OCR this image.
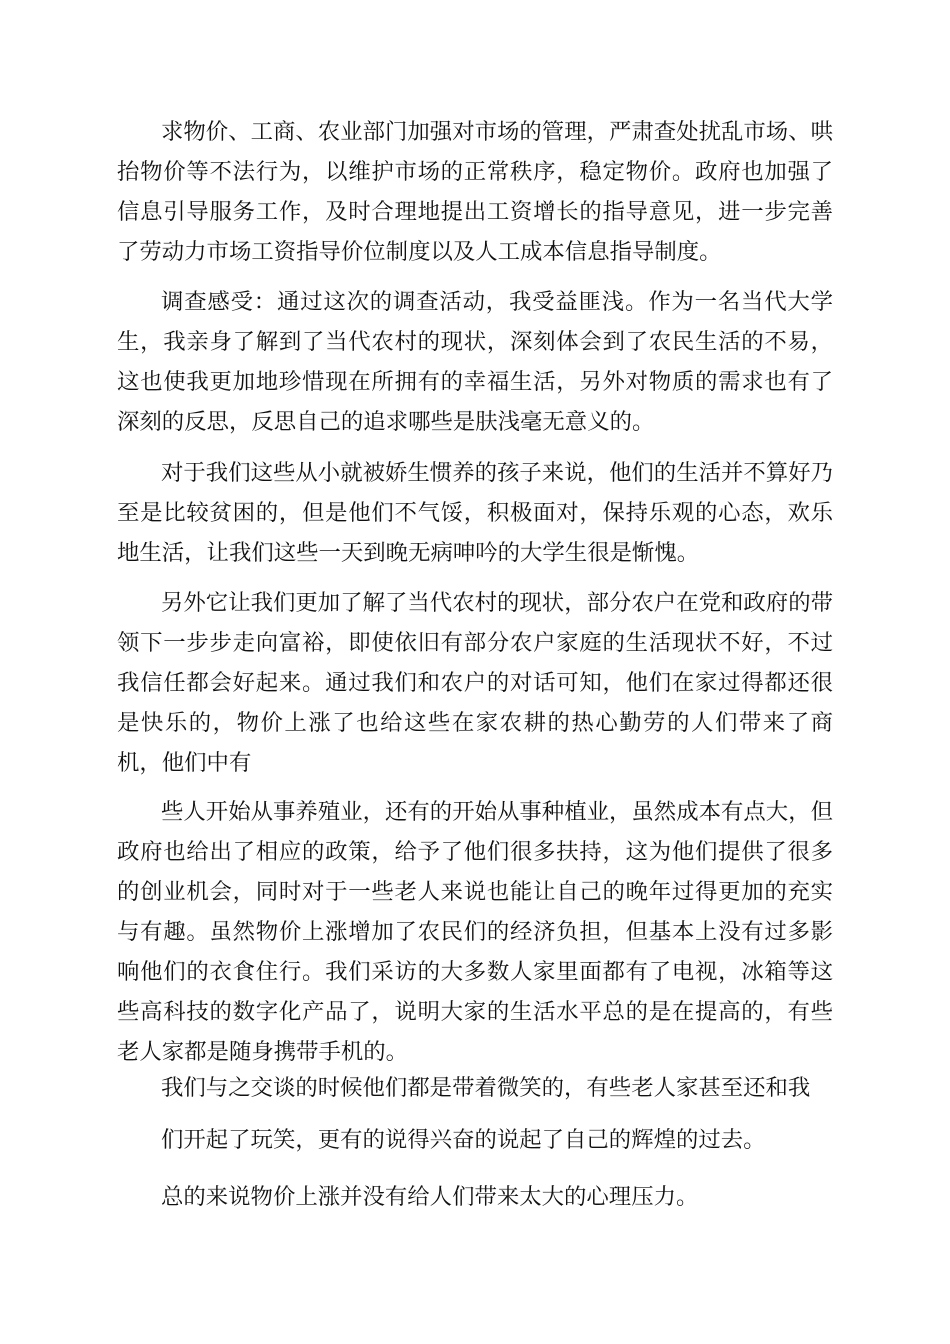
求物价、工商、农业部门加强对市场的管理，严肃查处扰乱市场、哄抬物价等不法行为，以维护市场的正常秩序，稳定物价。政府也加强了信息引导服务工作，及时合理地提出工资增长的指导意见，进一步完善了劳动力市场工资指导价位制度以及人工成本信息指导制度。

调查感受：通过这次的调查活动，我受益匪浅。作为一名当代大学生，我亲身了解到了当代农村的现状，深刻体会到了农民生活的不易，这也使我更加地珍惜现在所拥有的幸福生活，另外对物质的需求也有了深刻的反思，反思自己的追求哪些是肤浅毫无意义的。

对于我们这些从小就被娇生惯养的孩子来说，他们的生活并不算好乃至是比较贫困的，但是他们不气馁，积极面对，保持乐观的心态，欢乐地生活，让我们这些一天到晚无病呻吟的大学生很是惭愧。

另外它让我们更加了解了当代农村的现状，部分农户在党和政府的带领下一步步走向富裕，即使依旧有部分农户家庭的生活现状不好，不过我信任都会好起来。通过我们和农户的对话可知，他们在家过得都还很是快乐的，物价上涨了也给这些在家农耕的热心勤劳的人们带来了商机，他们中有

些人开始从事养殖业，还有的开始从事种植业，虽然成本有点大，但政府也给出了相应的政策，给予了他们很多扶持，这为他们提供了很多的创业机会，同时对于一些老人来说也能让自己的晚年过得更加的充实与有趣。虽然物价上涨增加了农民们的经济负担，但基本上没有过多影响他们的衣食住行。我们采访的大多数人家里面都有了电视，冰箱等这些高科技的数字化产品了，说明大家的生活水平总的是在提高的，有些老人家都是随身携带手机的。

我们与之交谈的时候他们都是带着微笑的，有些老人家甚至还和我

们开起了玩笑，更有的说得兴奋的说起了自己的辉煌的过去。

总的来说物价上涨并没有给人们带来太大的心理压力。
